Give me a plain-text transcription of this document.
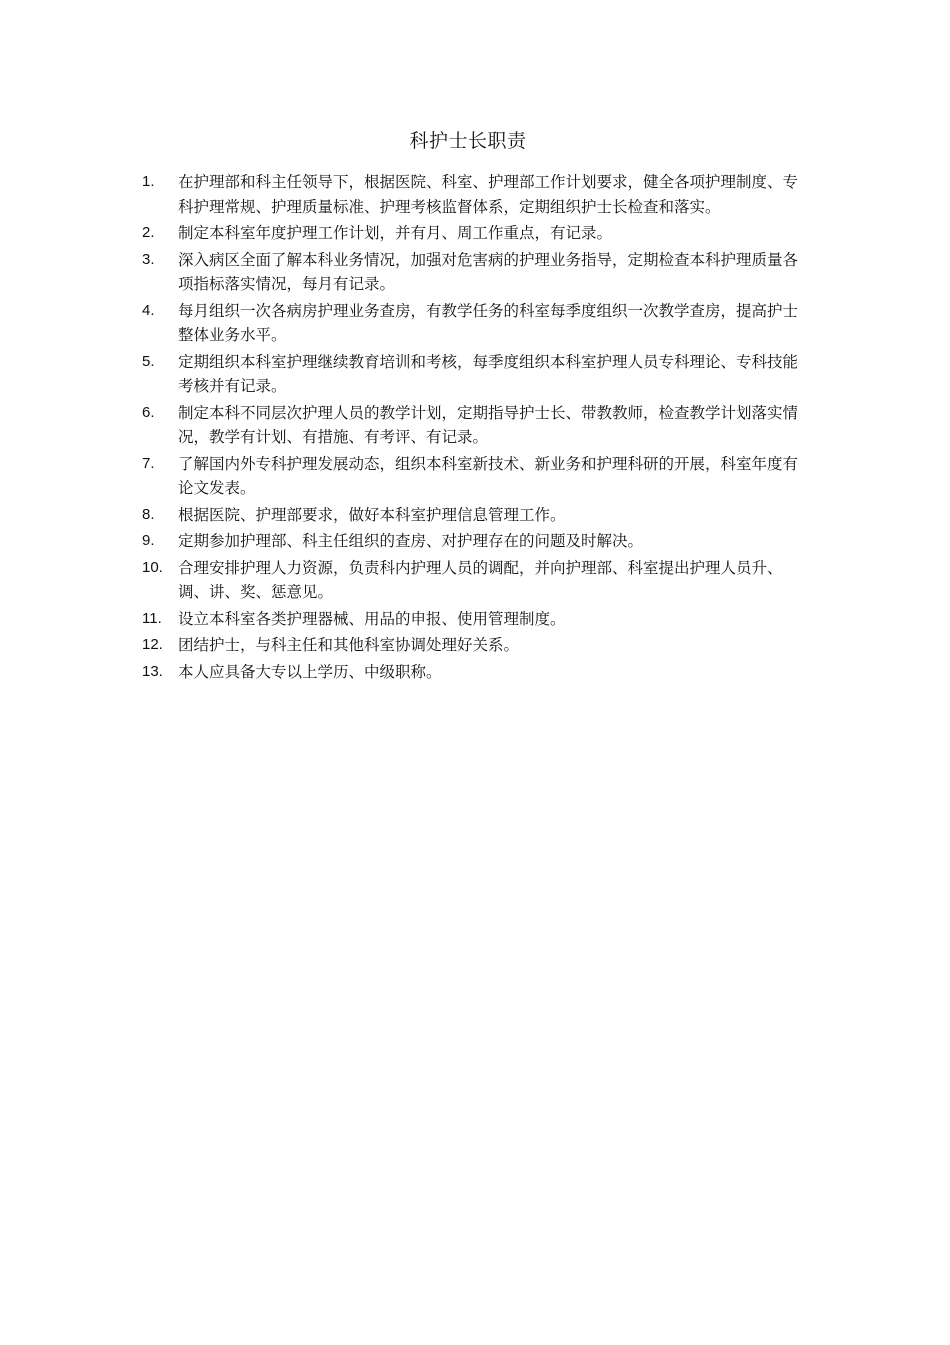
科护士长职责
1. 在护理部和科主任领导下，根据医院、科室、护理部工作计划要求，健全各项护理制度、专科护理常规、护理质量标准、护理考核监督体系，定期组织护士长检查和落实。
2. 制定本科室年度护理工作计划，并有月、周工作重点，有记录。
3. 深入病区全面了解本科业务情况，加强对危害病的护理业务指导，定期检查本科护理质量各项指标落实情况，每月有记录。
4. 每月组织一次各病房护理业务查房，有教学任务的科室每季度组织一次教学查房，提高护士整体业务水平。
5. 定期组织本科室护理继续教育培训和考核，每季度组织本科室护理人员专科理论、专科技能考核并有记录。
6. 制定本科不同层次护理人员的教学计划，定期指导护士长、带教教师，检查教学计划落实情况，教学有计划、有措施、有考评、有记录。
7. 了解国内外专科护理发展动态，组织本科室新技术、新业务和护理科研的开展，科室年度有论文发表。
8. 根据医院、护理部要求，做好本科室护理信息管理工作。
9. 定期参加护理部、科主任组织的查房、对护理存在的问题及时解决。
10. 合理安排护理人力资源，负责科内护理人员的调配，并向护理部、科室提出护理人员升、调、讲、奖、惩意见。
11. 设立本科室各类护理器械、用品的申报、使用管理制度。
12. 团结护士，与科主任和其他科室协调处理好关系。
13. 本人应具备大专以上学历、中级职称。
